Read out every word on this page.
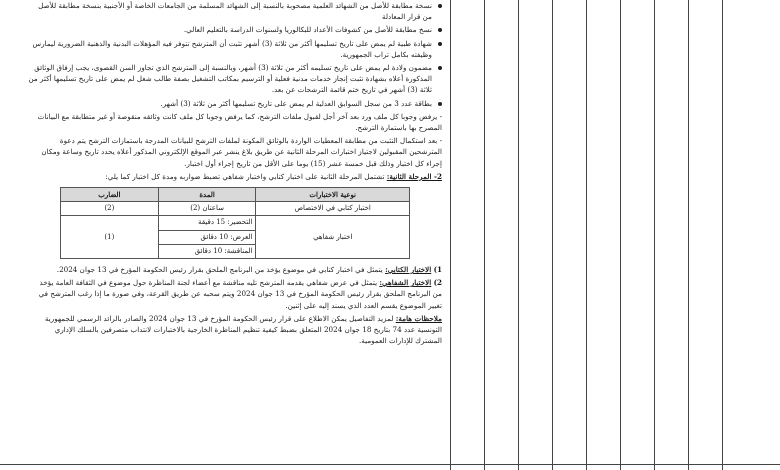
نسخة مطابقة للأصل من الشهائد العلمية مصحوبة بالنسبة إلى الشهائد المسلمة من الجامعات الخاصة أو الأجنبية بنسخة مطابقة للأصل من قرار المعادلة
نسخ مطابقة للأصل من كشوفات الأعداد للبكالوريا ولسنوات الدراسة بالتعليم العالي.
شهادة طبية لم يمض على تاريخ تسليمها أكثر من ثلاثة (3) أشهر تثبت أن المترشح تتوفر فيه المؤهلات البدنية والذهنية الضرورية ليمارس وظيفته بكامل تراب الجمهورية.
مضمون ولادة لم يمض على تاريخ تسليمه أكثر من ثلاثة (3) أشهر، وبالنسبة إلى المترشح الذي تجاوز السن القصوى، يجب إرفاق الوثائق المذكورة أعلاه بشهادة تثبت إنجاز خدمات مدنية فعلية أو الترسيم بمكاتب التشغيل بصفة طالب شغل لم يمض على تاريخ تسليمها أكثر من ثلاثة (3) أشهر في تاريخ ختم قائمة الترشحات عن بعد.
بطاقة عدد 3 من سجل السوابق العدلية لم يمض على تاريخ تسليمها أكثر من ثلاثة (3) أشهر.
- يرفض وجوبا كل ملف ورد بعد آخر أجل لقبول ملفات الترشح، كما يرفض وجوبا كل ملف كانت وثائقه منقوصة أو غير متطابقة مع البيانات المصرح بها باستمارة الترشح.
- بعد استكمال التثبت من مطابقة المعطيات الواردة بالوثائق المكونة لملفات الترشح للبيانات المدرجة باستمارات الترشح يتم دعوة المترشحين المقبولين لاجتياز اختبارات المرحلة الثانية عن طريق بلاغ ينشر عبر الموقع الإلكتروني المذكور أعلاه يحدد تاريخ وساعة ومكان إجراء كل اختبار وذلك قبل خمسة عشر (15) يوما على الأقل من تاريخ إجراء أول اختبار.
2- المرحلة الثانية: تشتمل المرحلة الثانية على اختبار كتابي واختبار شفاهي تضبط ضواربه ومدة كل اختبار كما يلي:
نوعية الاختبارات	المدة	الضارب
اختبار كتابي في الاختصاص	ساعتان (2)	(2)
اختبار شفاهي	التحضير: 15 دقيقة	(1)
	العرض: 10 دقائق	
	المناقشة: 10 دقائق	
1) الاختبار الكتابي: يتمثل في اختبار كتابي في موضوع يؤخذ من البرنامج الملحق بقرار رئيس الحكومة المؤرخ في 13 جوان 2024.
2) الاختبار الشفاهي: يتمثل في عرض شفاهي يقدمه المترشح تليه مناقشة مع أعضاء لجنة المناظرة حول موضوع في الثقافة العامة يؤخذ من البرنامج الملحق بقرار رئيس الحكومة المؤرخ في 13 جوان 2024 ويتم سحبه عن طريق القرعة، وفي صورة ما إذا رغب المترشح في تغيير الموضوع يقسم العدد الذي يسند إليه على إثنين.
ملاحظات هامة: لمزيد التفاصيل يمكن الاطلاع على قرار رئيس الحكومة المؤرخ في 13 جوان 2024 والصادر بالرائد الرسمي للجمهورية التونسية عدد 74 بتاريخ 18 جوان 2024 المتعلق بضبط كيفية تنظيم المناظرة الخارجية بالاختبارات لانتداب متصرفين بالسلك الإداري المشترك للإدارات العمومية.
